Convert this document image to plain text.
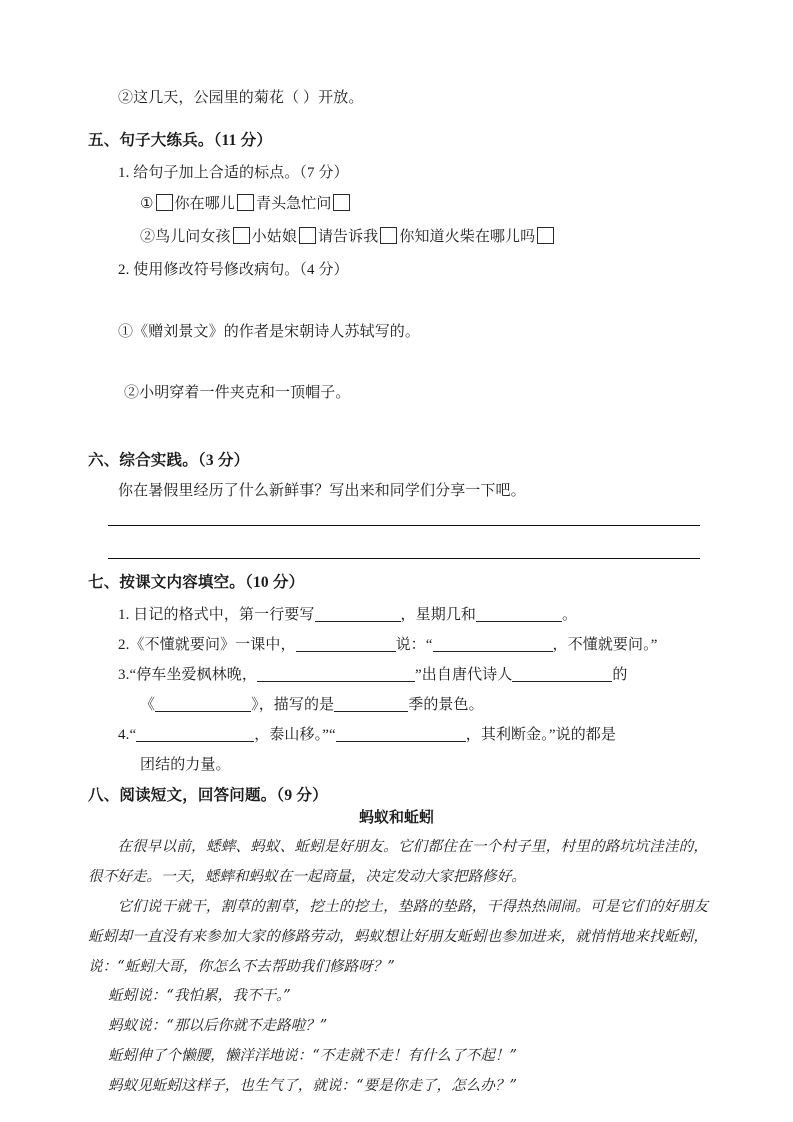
②这几天，公园里的菊花（ ）开放。
五、句子大练兵。（11 分）
1. 给句子加上合适的标点。（7 分）
① 你在哪儿 青头急忙问
②鸟儿问女孩 小姑娘 请告诉我 你知道火柴在哪儿吗
2. 使用修改符号修改病句。（4 分）
①《赠刘景文》的作者是宋朝诗人苏轼写的。
②小明穿着一件夹克和一顶帽子。
六、综合实践。（3 分）
你在暑假里经历了什么新鲜事？写出来和同学们分享一下吧。
七、按课文内容填空。（10 分）
1. 日记的格式中，第一行要写	，星期几和	。
2.《不懂就要问》一课中，	说：“	，不懂就要问。”
3.“停车坐爱枫林晚，	”出自唐代诗人	的
《	》，描写的是	季的景色。
4.“	，泰山移。”“	，其利断金。”说的都是
团结的力量。
八、阅读短文，回答问题。（9 分）
蚂蚁和蚯蚓

在很早以前，蟋蟀、蚂蚁、蚯蚓是好朋友。它们都住在一个村子里，村里的路坑坑洼洼的，很不好走。一天，蟋蟀和蚂蚁在一起商量，决定发动大家把路修好。

它们说干就干，割草的割草，挖土的挖土，垫路的垫路，干得热热闹闹。可是它们的好朋友蚯蚓却一直没有来参加大家的修路劳动，蚂蚁想让好朋友蚯蚓也参加进来，就悄悄地来找蚯蚓，说：“蚯蚓大哥，你怎么不去帮助我们修路呀？”

蚯蚓说：“我怕累，我不干。”
蚂蚁说：“那以后你就不走路啦？”
蚯蚓伸了个懒腰，懒洋洋地说：“不走就不走！有什么了不起！”
蚂蚁见蚯蚓这样子，也生气了，就说：“要是你走了，怎么办？”
